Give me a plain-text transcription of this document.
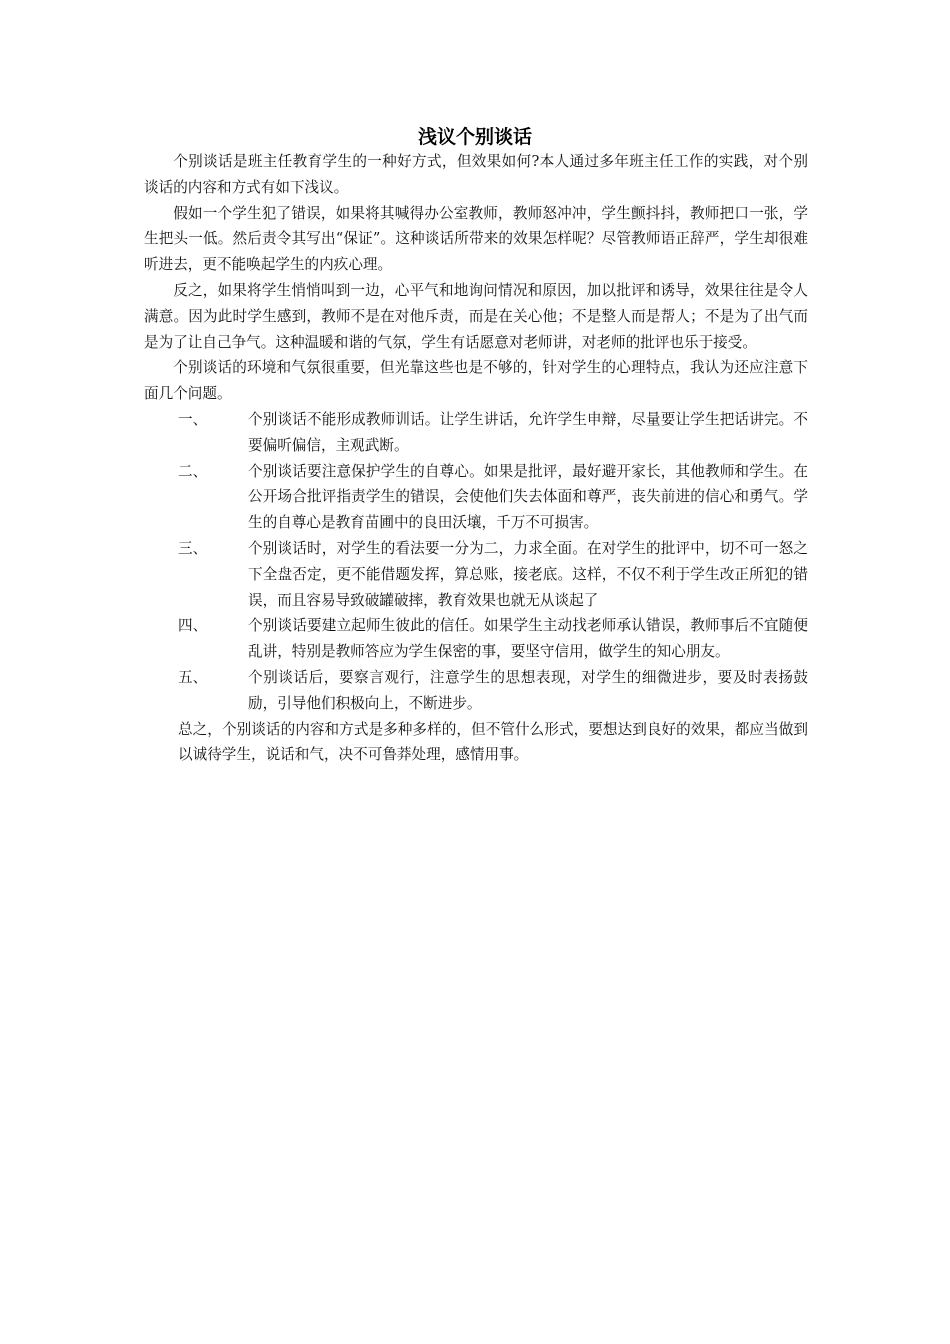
浅议个别谈话

个别谈话是班主任教育学生的一种好方式，但效果如何?本人通过多年班主任工作的实践，对个别谈话的内容和方式有如下浅议。

假如一个学生犯了错误，如果将其喊得办公室教师，教师怒冲冲，学生颤抖抖，教师把口一张，学生把头一低。然后责令其写出“保证”。这种谈话所带来的效果怎样呢？尽管教师语正辞严，学生却很难听进去，更不能唤起学生的内疚心理。

反之，如果将学生悄悄叫到一边，心平气和地询问情况和原因，加以批评和诱导，效果往往是令人满意。因为此时学生感到，教师不是在对他斥责，而是在关心他；不是整人而是帮人；不是为了出气而是为了让自己争气。这种温暖和谐的气氛，学生有话愿意对老师讲，对老师的批评也乐于接受。

个别谈话的环境和气氛很重要，但光靠这些也是不够的，针对学生的心理特点，我认为还应注意下面几个问题。

一、	个别谈话不能形成教师训话。让学生讲话，允许学生申辩，尽量要让学生把话讲完。不要偏听偏信，主观武断。
二、	个别谈话要注意保护学生的自尊心。如果是批评，最好避开家长，其他教师和学生。在公开场合批评指责学生的错误，会使他们失去体面和尊严，丧失前进的信心和勇气。学生的自尊心是教育苗圃中的良田沃壤，千万不可损害。
三、	个别谈话时，对学生的看法要一分为二，力求全面。在对学生的批评中，切不可一怒之下全盘否定，更不能借题发挥，算总账，接老底。这样，不仅不利于学生改正所犯的错误，而且容易导致破罐破摔，教育效果也就无从谈起了
四、	个别谈话要建立起师生彼此的信任。如果学生主动找老师承认错误，教师事后不宜随便乱讲，特别是教师答应为学生保密的事，要坚守信用，做学生的知心朋友。
五、	个别谈话后，要察言观行，注意学生的思想表现，对学生的细微进步，要及时表扬鼓励，引导他们积极向上，不断进步。

总之，个别谈话的内容和方式是多种多样的，但不管什么形式，要想达到良好的效果，都应当做到以诚待学生，说话和气，决不可鲁莽处理，感情用事。
